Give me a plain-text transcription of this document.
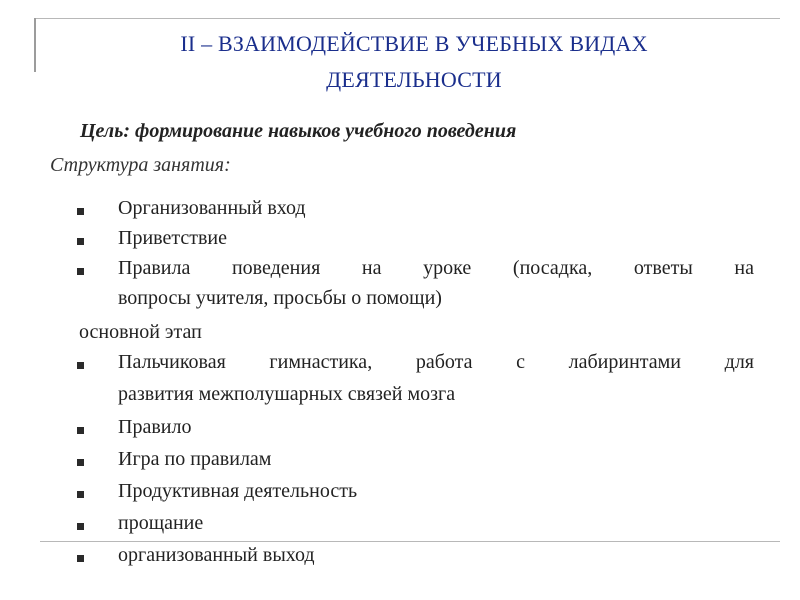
II – ВЗАИМОДЕЙСТВИЕ В УЧЕБНЫХ ВИДАХ
ДЕЯТЕЛЬНОСТИ
Цель: формирование навыков учебного поведения
Структура занятия:
Организованный вход
Приветствие
Правила поведения на уроке (посадка, ответы на
вопросы учителя, просьбы о помощи)
основной этап
Пальчиковая гимнастика, работа с лабиринтами для
развития межполушарных связей мозга
Правило
Игра по правилам
Продуктивная деятельность
прощание
организованный выход
